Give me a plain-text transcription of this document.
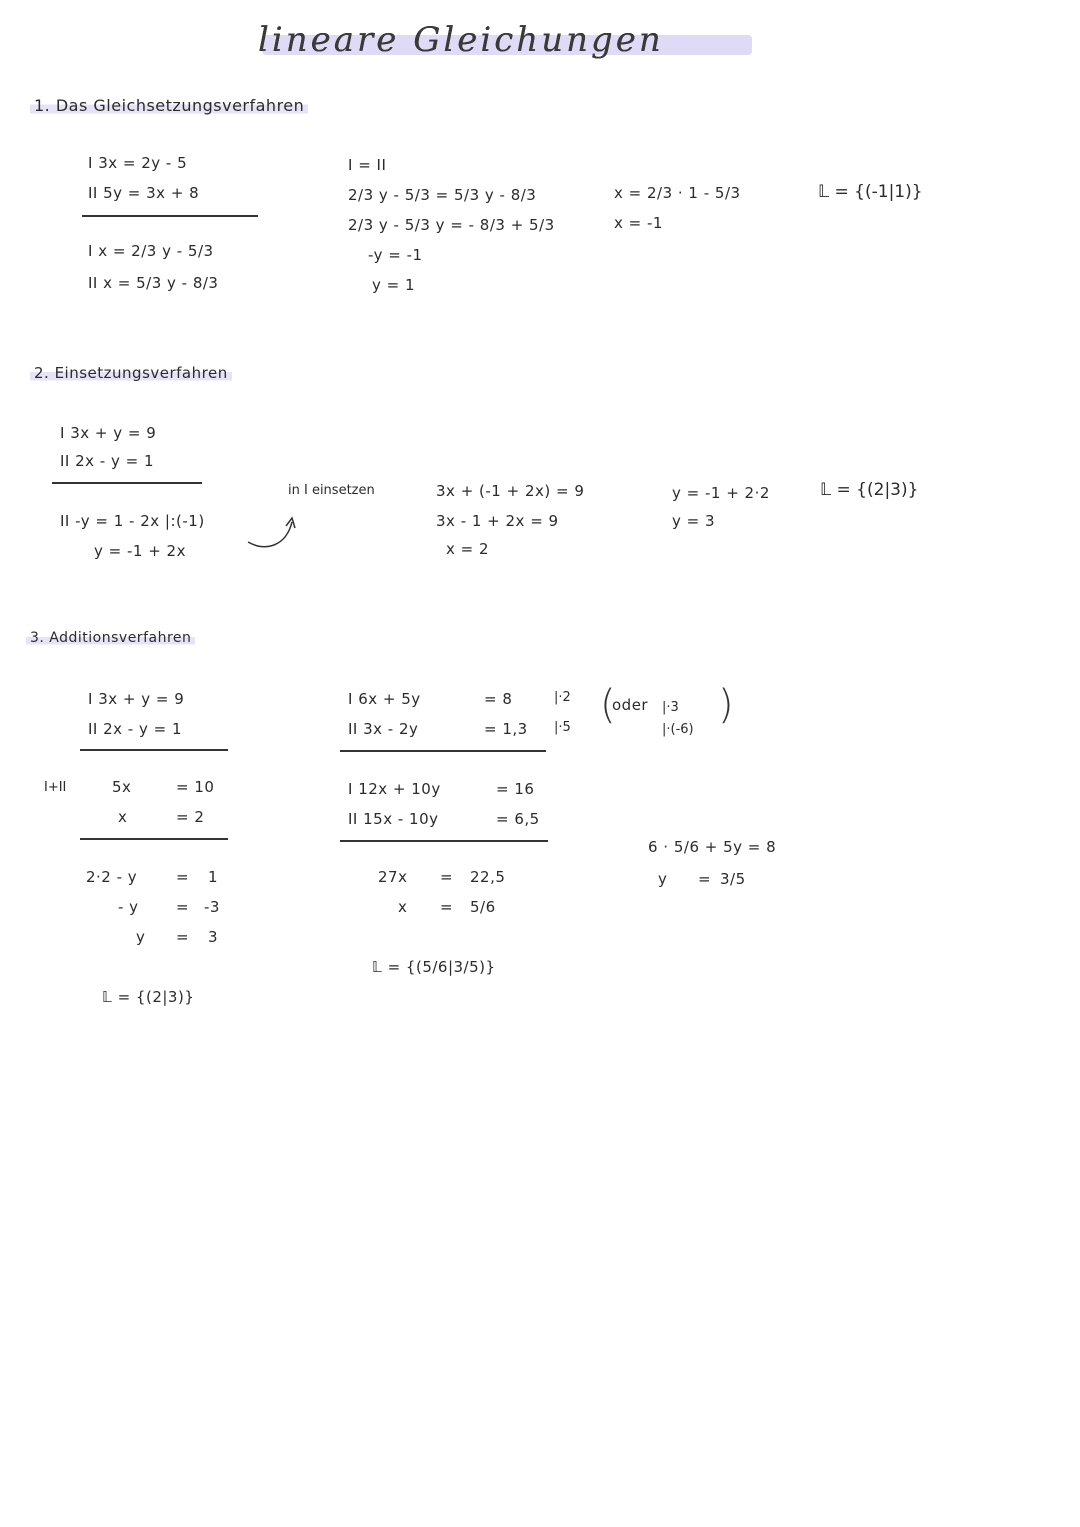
lineare Gleichungen
1. Das Gleichsetzungsverfahren
I 3x = 2y - 5
II 5y = 3x + 8
I x = 2/3 y - 5/3
II x = 5/3 y - 8/3
I = II
2/3 y - 5/3 = 5/3 y - 8/3
2/3 y - 5/3 y = - 8/3 + 5/3
-y = -1
y = 1
x = 2/3 · 1 - 5/3
x = -1
𝕃 = {(-1|1)}
2. Einsetzungsverfahren
I 3x + y = 9
II 2x - y = 1
II -y = 1 - 2x |:(-1)
y = -1 + 2x
in I einsetzen	3x + (-1 + 2x) = 9
3x - 1 + 2x = 9
x = 2
y = -1 + 2·2
y = 3
𝕃 = {(2|3)}
3. Additionsverfahren
I 3x + y = 9
II 2x - y = 1
I+II	5x	= 10
x	= 2
2·2 - y	= 1
- y = -3
y = 3
𝕃 = {(2|3)}
I 6x + 5y	= 8
II 3x - 2y	= 1,3
|·2
|·5 (
oder |·3
|·(-6)
)
I 12x + 10y	= 16
II 15x - 10y	= 6,5
27x = 22,5
x = 5/6
𝕃 = {(5/6|3/5)}
6 · 5/6 + 5y = 8
y = 3/5
